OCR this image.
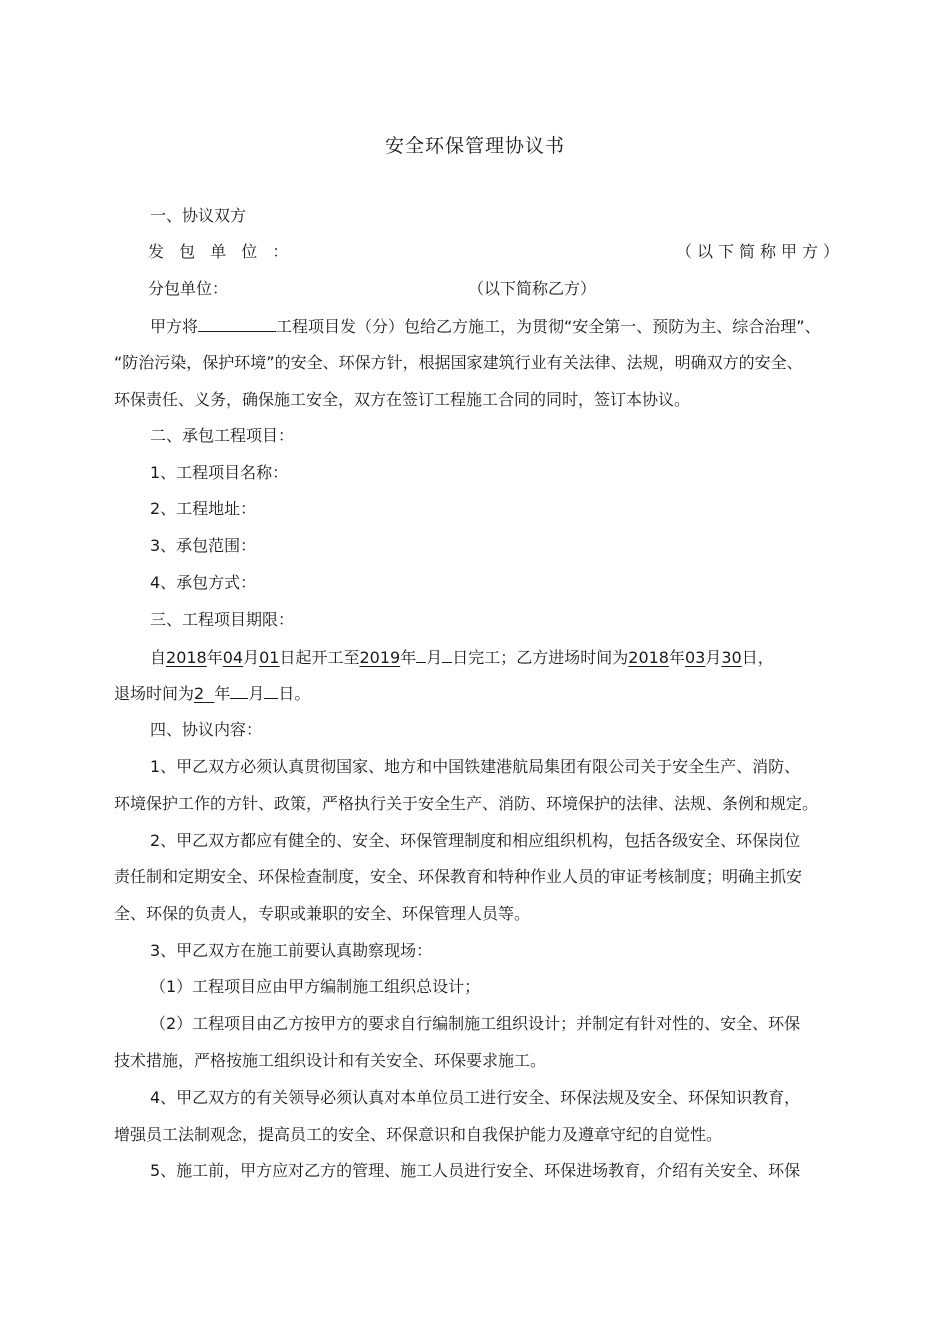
安全环保管理协议书
一、协议双方
发 包 单 位 ：	（以下简称甲方）
分包单位：	（以下简称乙方）
甲方将	工程项目发（分）包给乙方施工，为贯彻“安全第一、预防为主、综合治理”、
“防治污染，保护环境”的安全、环保方针，根据国家建筑行业有关法律、法规，明确双方的安全、
环保责任、义务，确保施工安全，双方在签订工程施工合同的同时，签订本协议。
二、承包工程项目：
1、工程项目名称：
2、工程地址：
3、承包范围：
4、承包方式：
三、工程项目期限：
自2018年04月01日起开工至2019年 月 日完工；乙方进场时间为2018年03月30日，
退场时间为2 年 月 日。
四、协议内容：
1、甲乙双方必须认真贯彻国家、地方和中国铁建港航局集团有限公司关于安全生产、消防、
环境保护工作的方针、政策，严格执行关于安全生产、消防、环境保护的法律、法规、条例和规定。
2、甲乙双方都应有健全的、安全、环保管理制度和相应组织机构，包括各级安全、环保岗位
责任制和定期安全、环保检查制度，安全、环保教育和特种作业人员的审证考核制度；明确主抓安
全、环保的负责人，专职或兼职的安全、环保管理人员等。
3、甲乙双方在施工前要认真勘察现场：
（1）工程项目应由甲方编制施工组织总设计；
（2）工程项目由乙方按甲方的要求自行编制施工组织设计；并制定有针对性的、安全、环保
技术措施，严格按施工组织设计和有关安全、环保要求施工。
4、甲乙双方的有关领导必须认真对本单位员工进行安全、环保法规及安全、环保知识教育，
增强员工法制观念，提高员工的安全、环保意识和自我保护能力及遵章守纪的自觉性。
5、施工前，甲方应对乙方的管理、施工人员进行安全、环保进场教育，介绍有关安全、环保
